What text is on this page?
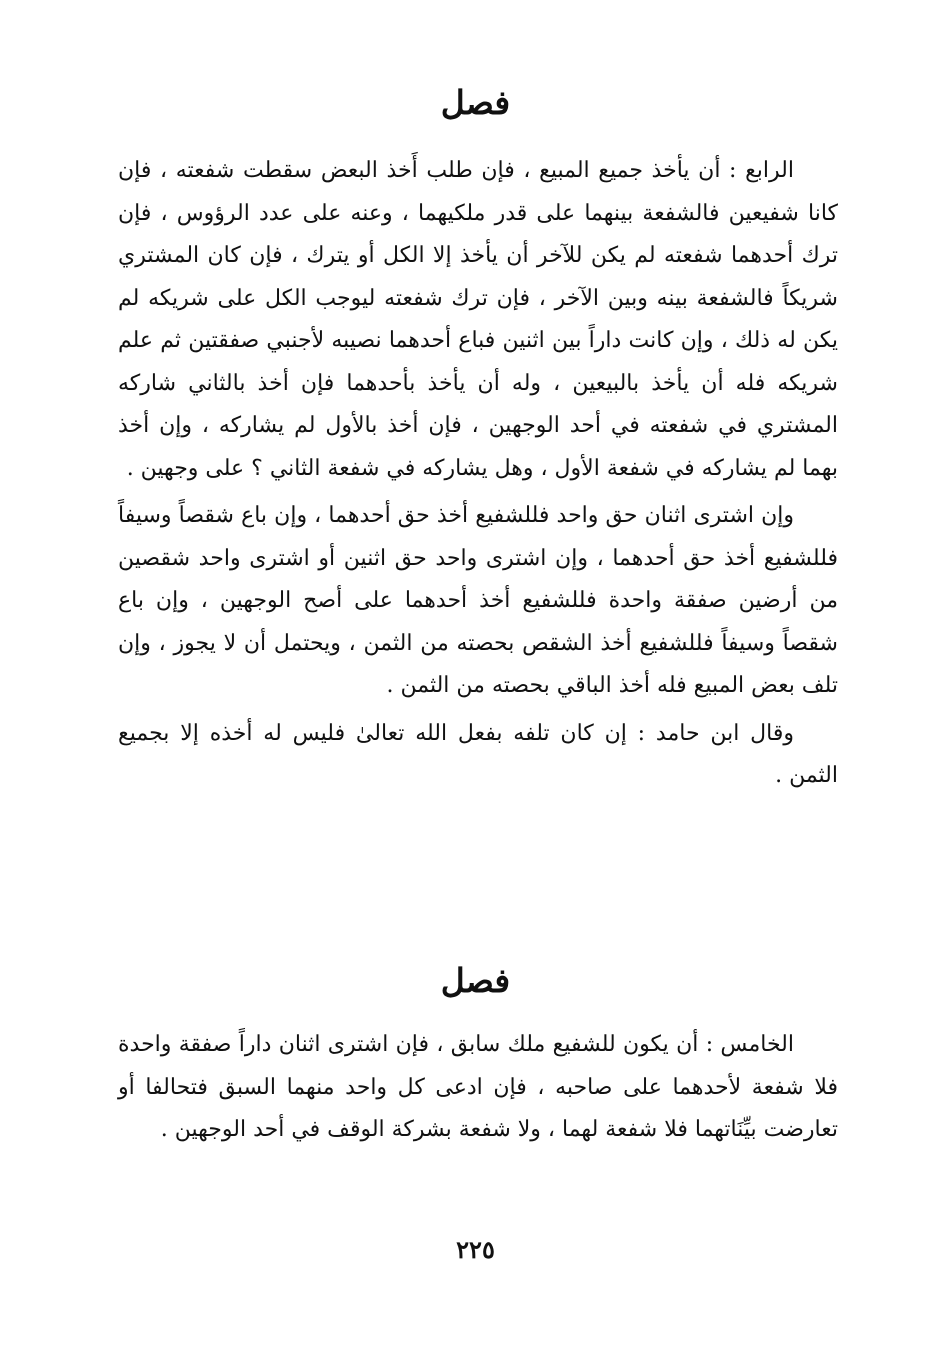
فصل

الرابع : أن يأخذ جميع المبيع ، فإن طلب أَخذ البعض سقطت شفعته ، فإن كانا شفيعين فالشفعة بينهما على قدر ملكيهما ، وعنه على عدد الرؤوس ، فإن ترك أحدهما شفعته لم يكن للآخر أن يأخذ إلا الكل أو يترك ، فإن كان المشتري شريكاً فالشفعة بينه وبين الآخر ، فإن ترك شفعته ليوجب الكل على شريكه لم يكن له ذلك ، وإن كانت داراً بين اثنين فباع أحدهما نصيبه لأجنبي صفقتين ثم علم شريكه فله أن يأخذ بالبيعين ، وله أن يأخذ بأحدهما فإن أخذ بالثاني شاركه المشتري في شفعته في أحد الوجهين ، فإن أخذ بالأول لم يشاركه ، وإن أخذ بهما لم يشاركه في شفعة الأول ، وهل يشاركه في شفعة الثاني ؟ على وجهين .

وإن اشترى اثنان حق واحد فللشفيع أخذ حق أحدهما ، وإن باع شقصاً وسيفاً فللشفيع أخذ حق أحدهما ، وإن اشترى واحد حق اثنين أو اشترى واحد شقصين من أرضين صفقة واحدة فللشفيع أخذ أحدهما على أصح الوجهين ، وإن باع شقصاً وسيفاً فللشفيع أخذ الشقص بحصته من الثمن ، ويحتمل أن لا يجوز ، وإن تلف بعض المبيع فله أخذ الباقي بحصته من الثمن .

وقال ابن حامد : إن كان تلفه بفعل الله تعالىٰ فليس له أخذه إلا بجميع الثمن .

فصل

الخامس : أن يكون للشفيع ملك سابق ، فإن اشترى اثنان داراً صفقة واحدة فلا شفعة لأحدهما على صاحبه ، فإن ادعى كل واحد منهما السبق فتحالفا أو تعارضت بيِّنَاتهما فلا شفعة لهما ، ولا شفعة بشركة الوقف في أحد الوجهين .

٢٢٥
